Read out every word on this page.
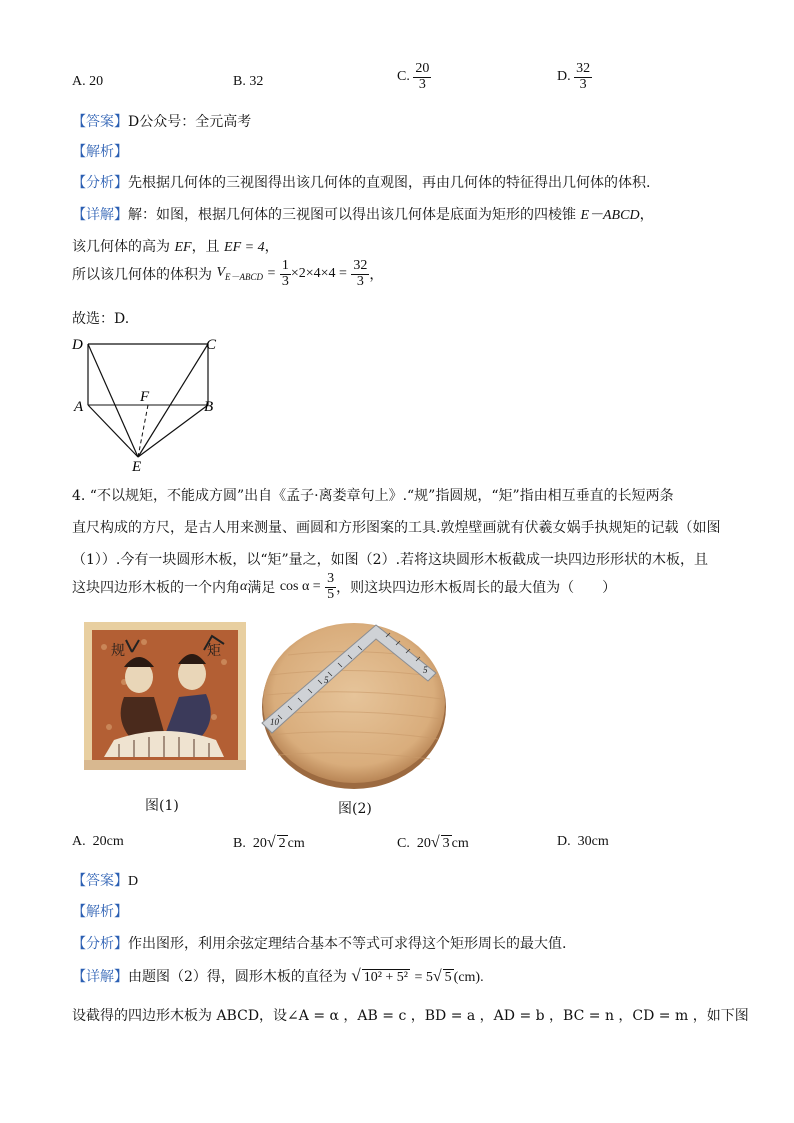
A. 20	B. 32	C. $\frac{20}{3}$	D. $\frac{32}{3}$
【答案】D公众号：全元高考
【解析】
【分析】先根据几何体的三视图得出该几何体的直观图，再由几何体的特征得出几何体的体积.
【详解】解：如图，根据几何体的三视图可以得出该几何体是底面为矩形的四棱锥 E－ABCD，
该几何体的高为 EF，且 EF = 4，
所以该几何体的体积为 $V_{E-ABCD} = \frac{1}{3} \times 2\times 4\times 4 = \frac{32}{3}$ ，
故选：D.
D	C
A	B
F
E
4. “不以规矩，不能成方圆”出自《孟子·离娄章句上》.“规”指圆规，“矩”指由相互垂直的长短两条
直尺构成的方尺，是古人用来测量、画圆和方形图案的工具.敦煌壁画就有伏羲女娲手执规矩的记载（如图
（1））.今有一块圆形木板，以“矩”量之，如图（2）.若将这块圆形木板截成一块四边形形状的木板，且
这块四边形木板的一个内角α满足 $\cos \alpha = \frac{3}{5}$ ，则这块四边形木板周长的最大值为（　　）
规	矩
图(1)
10
5
5
图(2)
A. 20cm	B. 20√ 2 cm	C. 20√ 3 cm	D. 30cm
【答案】D
【解析】
【分析】作出图形，利用余弦定理结合基本不等式可求得这个矩形周长的最大值.
【详解】由题图（2）得，圆形木板的直径为 √ 10² + 5² = 5√ 5 (cm).
设截得的四边形木板为 ABCD，设∠A = α ，AB = c ，BD = a ，AD = b ，BC = n ，CD = m ，如下图
